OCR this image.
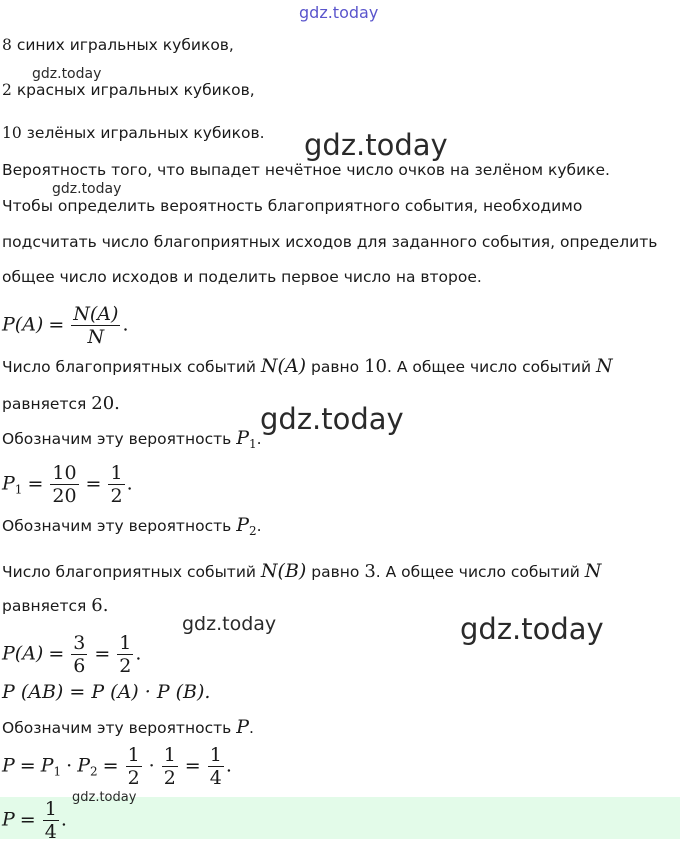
gdz.today
8 синих игральных кубиков,
gdz.today
2 красных игральных кубиков,
10 зелёных игральных кубиков. gdz.today
Вероятность того, что выпадет нечётное число очков на зелёном кубике.
gdz.today
Чтобы определить вероятность благоприятного события, необходимо
подсчитать число благоприятных исходов для заданного события, определить
общее число исходов и поделить первое число на второе.
$P(A) = \frac{N(A)}{N}$ .
Число благоприятных событий N(A) равно 10. А общее число событий N
равняется 20.	gdz.today
Обозначим эту вероятность $P_1$.
$P_1 = \frac{10}{20} = \frac{1}{2}$ .
Обозначим эту вероятность $P_2$.
Число благоприятных событий N(B) равно 3. А общее число событий N
равняется 6.
gdz.today	gdz.today
$P(A) = \frac{3}{6} = \frac{1}{2}$ .
P (AB) = P (A) · P (B).
Обозначим эту вероятность P.
$P = P_1 \cdot P_2 = \frac{1}{2} \cdot \frac{1}{2} = \frac{1}{4}$ .
$P = \frac{1}{4}$ .
gdz.today
